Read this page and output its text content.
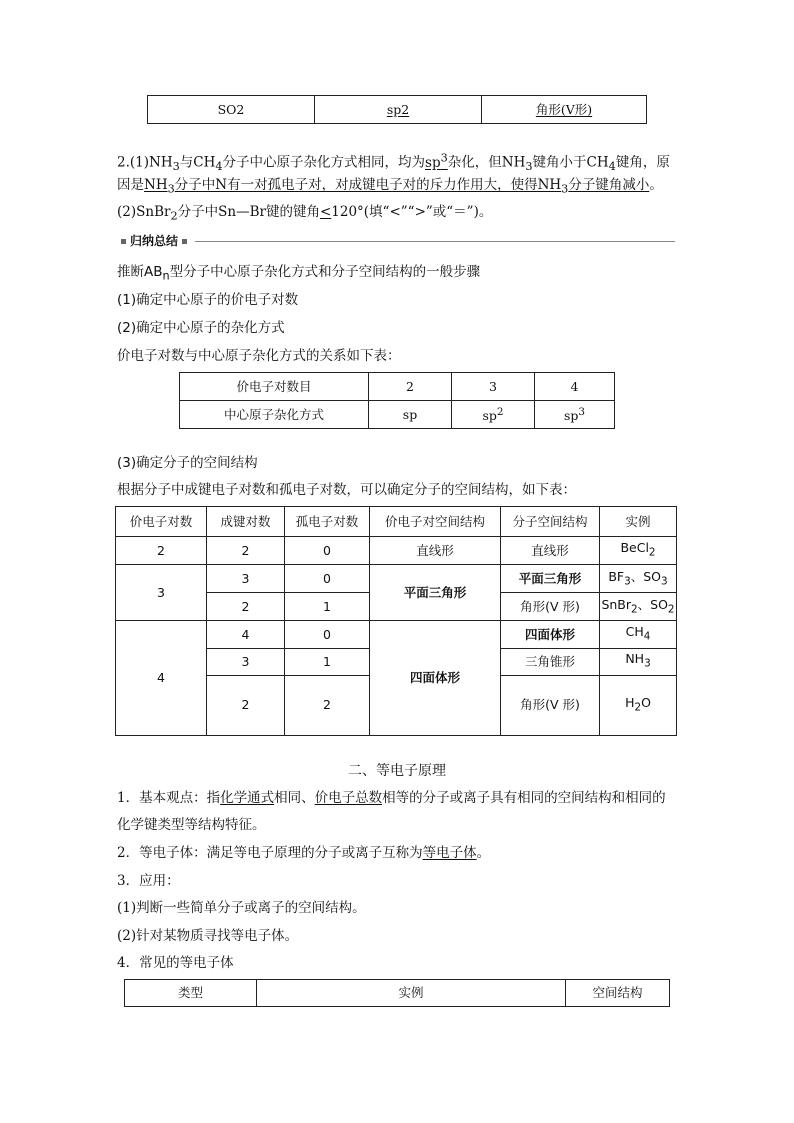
SO2	sp2	角形(V形)
$2.(1)NH_3$与$CH_4$分子中心原子杂化方式相同，均为$sp^3$杂化，但$NH_3$键角小于$CH_4$键角，原
因是$NH_3$分子中N有一对孤电子对，对成键电子对的斥力作用大，使得$NH_3$分子键角减小。
(2)SnBr$_2$分子中Sn—Br键的键角<120°(填“<”“>”或“＝”)。
归纳总结
推断$AB_n$型分子中心原子杂化方式和分子空间结构的一般步骤
(1)确定中心原子的价电子对数
(2)确定中心原子的杂化方式
价电子对数与中心原子杂化方式的关系如下表：
价电子对数目	2	3	4
中心原子杂化方式	sp	$sp^2$	$sp^3$
(3)确定分子的空间结构
根据分子中成键电子对数和孤电子对数，可以确定分子的空间结构，如下表：
价电子对数	成键对数	孤电子对数	价电子对空间结构	分子空间结构	实例
2	2	0	直线形	直线形	BeCl$_2$
3	3	0	平面三角形	平面三角形	$BF_3$、$SO_3$
	2	1		角形(V 形)	SnBr$_2$、$SO_2$
4	4	0	四面体形	四面体形	$CH_4$
	3	1		三角锥形	$NH_3$
	2	2		角形(V 形)	$H_2O$
二、等电子原理
1．基本观点：指化学通式相同、价电子总数相等的分子或离子具有相同的空间结构和相同的
化学键类型等结构特征。
2．等电子体：满足等电子原理的分子或离子互称为等电子体。
3．应用：
(1)判断一些简单分子或离子的空间结构。
(2)针对某物质寻找等电子体。
4．常见的等电子体
类型	实例	空间结构
